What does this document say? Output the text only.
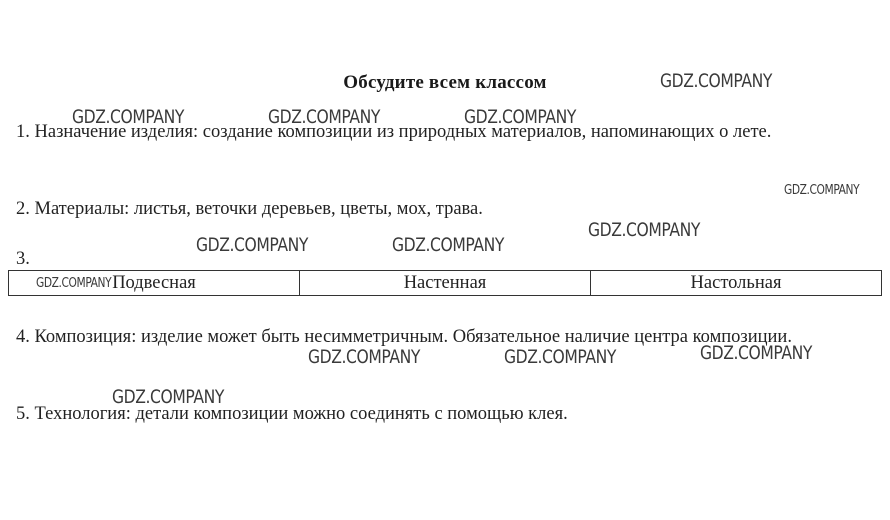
Обсудите всем классом
1. Назначение изделия: создание композиции из природных материалов, напоминающих о лете.
2. Материалы: листья, веточки деревьев, цветы, мох, трава.
3.
Подвесная	Настенная	Настольная
4. Композиция: изделие может быть несимметричным. Обязательное наличие центра композиции.
5. Технология: детали композиции можно соединять с помощью клея.
GDZ.COMPANY
GDZ.COMPANY	GDZ.COMPANY	GDZ.COMPANY
GDZ.COMPANY
GDZ.COMPANY
GDZ.COMPANY	GDZ.COMPANY
GDZ.COMPANY
GDZ.COMPANY	GDZ.COMPANY	GDZ.COMPANY
GDZ.COMPANY
